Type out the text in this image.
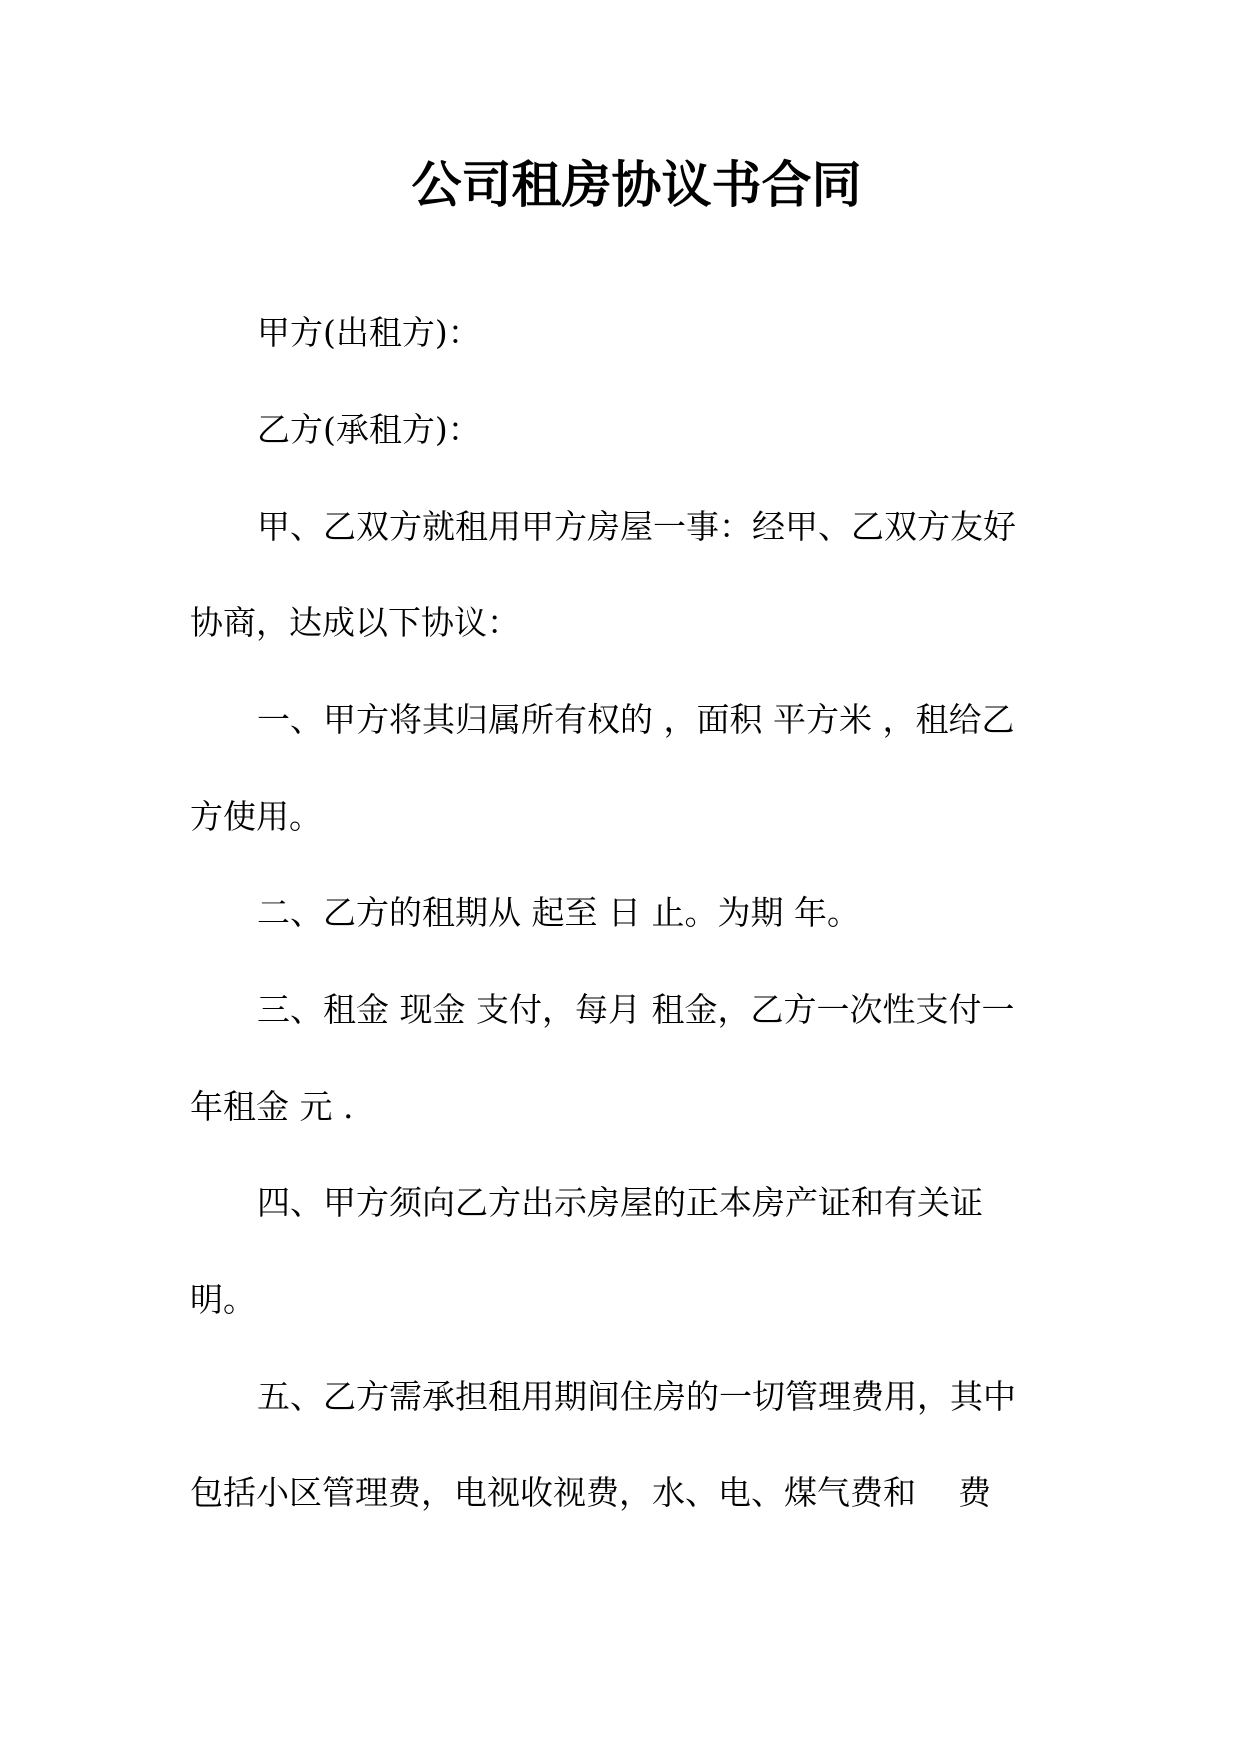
公司租房协议书合同
甲方(出租方)：
乙方(承租方)：
甲、乙双方就租用甲方房屋一事：经甲、乙双方友好
协商，达成以下协议：
一、甲方将其归属所有权的 ，面积 平方米 ，租给乙
方使用。
二、乙方的租期从 起至 日 止。为期 年。
三、租金 现金 支付，每月 租金，乙方一次性支付一
年租金 元 .
四、甲方须向乙方出示房屋的正本房产证和有关证
明。
五、乙方需承担租用期间住房的一切管理费用，其中
包括小区管理费，电视收视费，水、电、煤气费和    费
